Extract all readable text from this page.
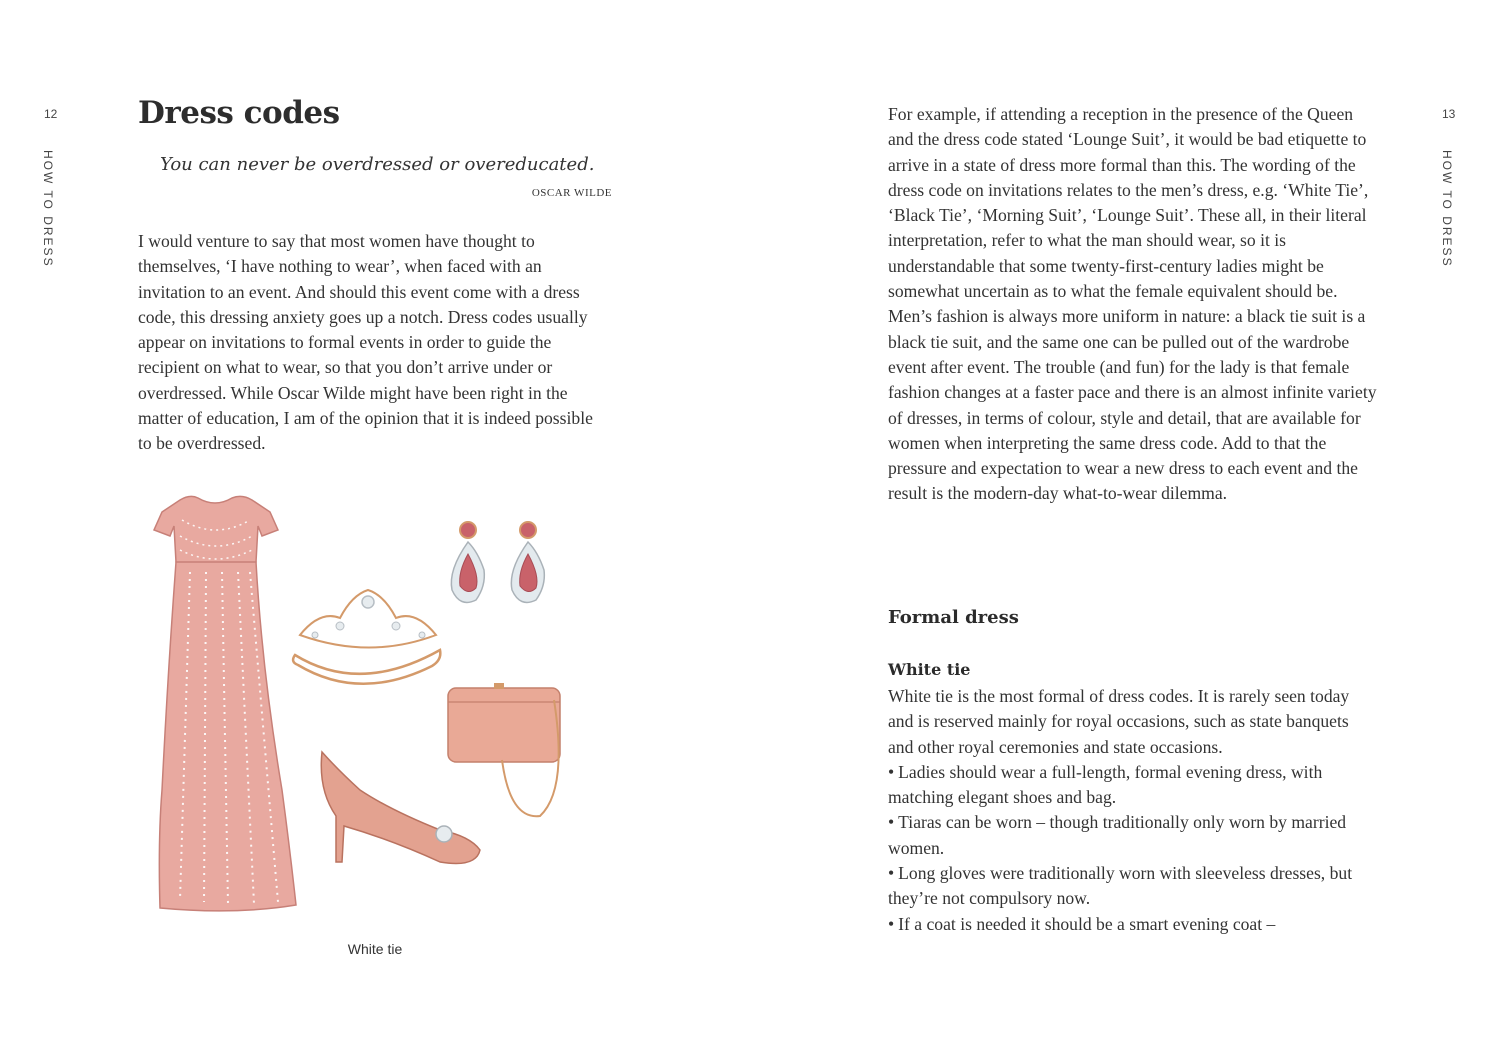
12
HOW TO DRESS
Dress codes
You can never be overdressed or overeducated.
OSCAR WILDE

I would venture to say that most women have thought to themselves, ‘I have nothing to wear’, when faced with an invitation to an event. And should this event come with a dress code, this dressing anxiety goes up a notch. Dress codes usually appear on invitations to formal events in order to guide the recipient on what to wear, so that you don’t arrive under or overdressed. While Oscar Wilde might have been right in the matter of education, I am of the opinion that it is indeed possible to be overdressed.

White tie
13
HOW TO DRESS

For example, if attending a reception in the presence of the Queen and the dress code stated ‘Lounge Suit’, it would be bad etiquette to arrive in a state of dress more formal than this. The wording of the dress code on invitations relates to the men’s dress, e.g. ‘White Tie’, ‘Black Tie’, ‘Morning Suit’, ‘Lounge Suit’. These all, in their literal interpretation, refer to what the man should wear, so it is understandable that some twenty-first-century ladies might be somewhat uncertain as to what the female equivalent should be. Men’s fashion is always more uniform in nature: a black tie suit is a black tie suit, and the same one can be pulled out of the wardrobe event after event. The trouble (and fun) for the lady is that female fashion changes at a faster pace and there is an almost infinite variety of dresses, in terms of colour, style and detail, that are available for women when interpreting the same dress code. Add to that the pressure and expectation to wear a new dress to each event and the result is the modern-day what-to-wear dilemma.

Formal dress
White tie

White tie is the most formal of dress codes. It is rarely seen today and is reserved mainly for royal occasions, such as state banquets and other royal ceremonies and state occasions.

• Ladies should wear a full-length, formal evening dress, with matching elegant shoes and bag.
• Tiaras can be worn – though traditionally only worn by married women.
• Long gloves were traditionally worn with sleeveless dresses, but they’re not compulsory now.
• If a coat is needed it should be a smart evening coat –
